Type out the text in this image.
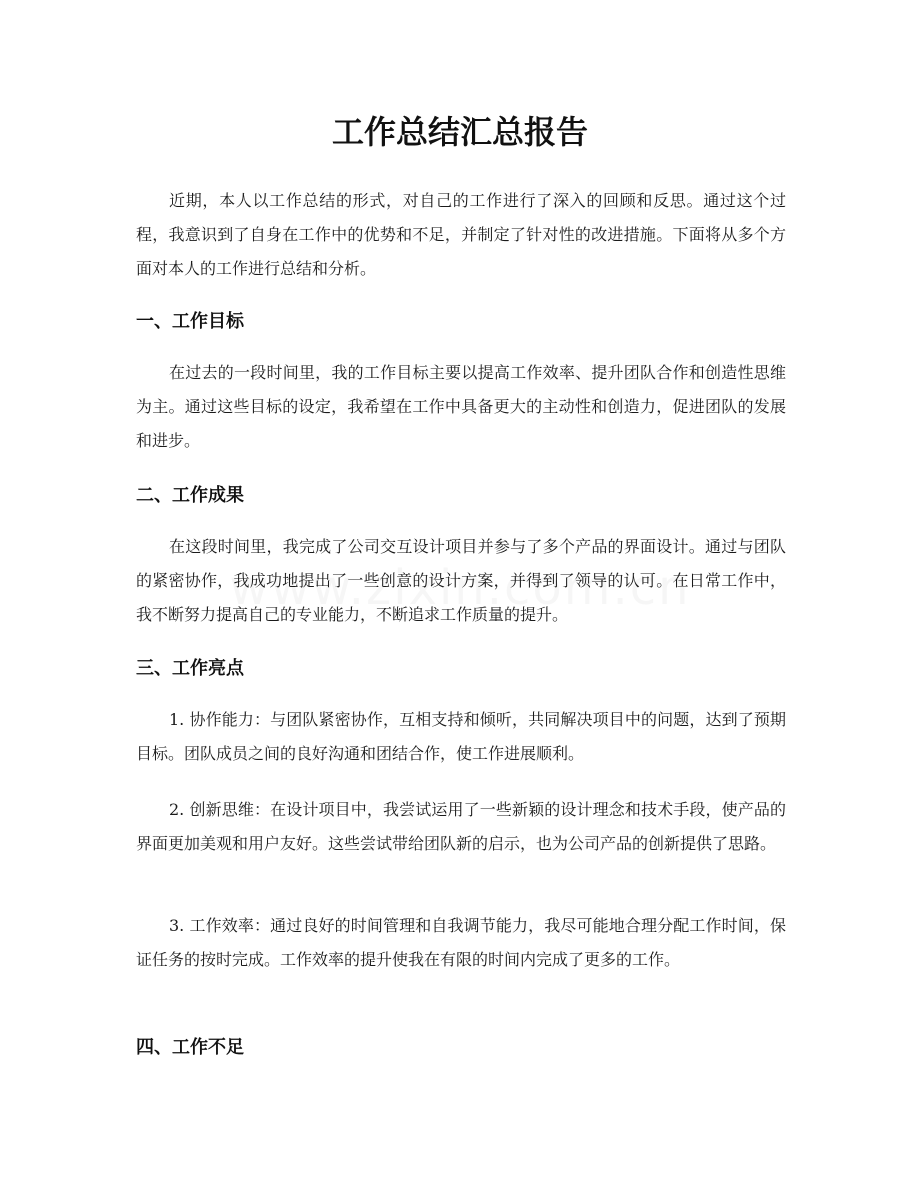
工作总结汇总报告

近期，本人以工作总结的形式，对自己的工作进行了深入的回顾和反思。通过这个过程，我意识到了自身在工作中的优势和不足，并制定了针对性的改进措施。下面将从多个方面对本人的工作进行总结和分析。

一、工作目标

在过去的一段时间里，我的工作目标主要以提高工作效率、提升团队合作和创造性思维为主。通过这些目标的设定，我希望在工作中具备更大的主动性和创造力，促进团队的发展和进步。

二、工作成果

在这段时间里，我完成了公司交互设计项目并参与了多个产品的界面设计。通过与团队的紧密协作，我成功地提出了一些创意的设计方案，并得到了领导的认可。在日常工作中，我不断努力提高自己的专业能力，不断追求工作质量的提升。

三、工作亮点

1. 协作能力：与团队紧密协作，互相支持和倾听，共同解决项目中的问题，达到了预期目标。团队成员之间的良好沟通和团结合作，使工作进展顺利。

2. 创新思维：在设计项目中，我尝试运用了一些新颖的设计理念和技术手段，使产品的界面更加美观和用户友好。这些尝试带给团队新的启示，也为公司产品的创新提供了思路。

3. 工作效率：通过良好的时间管理和自我调节能力，我尽可能地合理分配工作时间，保证任务的按时完成。工作效率的提升使我在有限的时间内完成了更多的工作。

四、工作不足
